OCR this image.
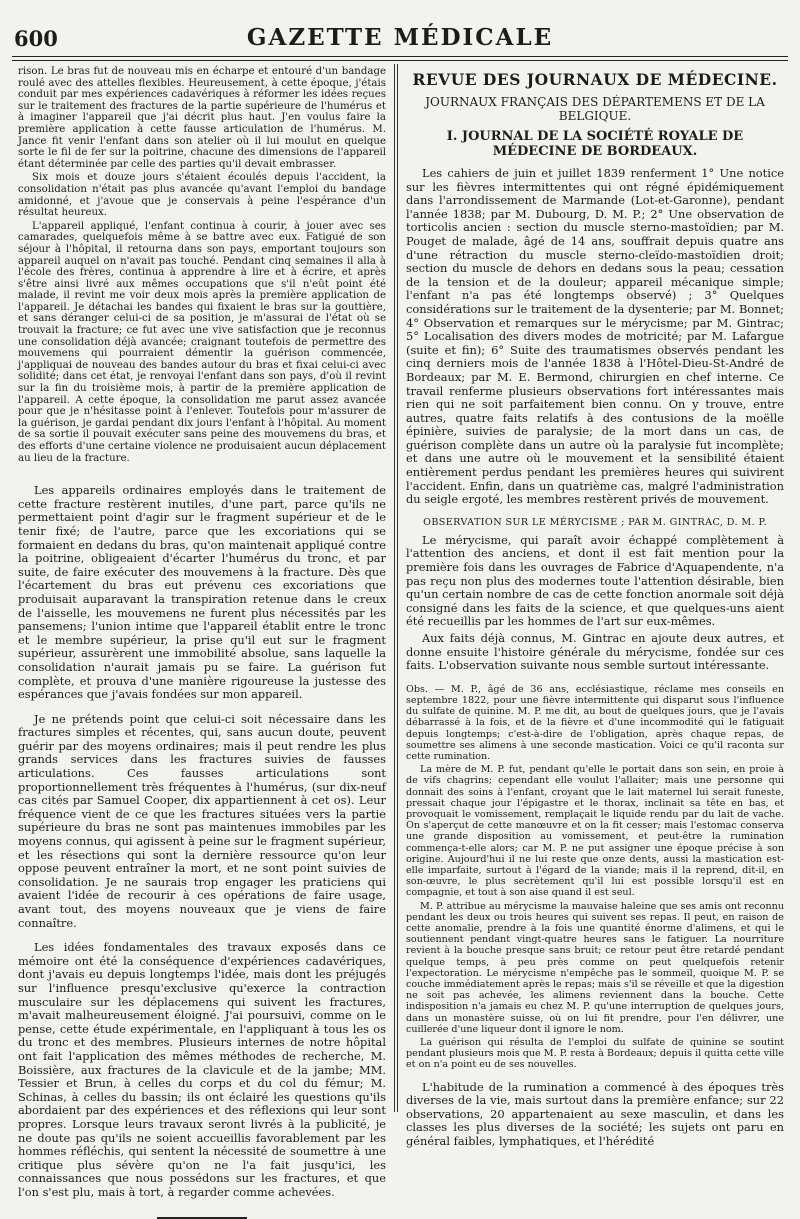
600	GAZETTE MÉDICALE

rison. Le bras fut de nouveau mis en écharpe et entouré d'un bandage roulé avec des attelles flexibles. Heureusement, à cette époque, j'étais conduit par mes expériences cadavériques à réformer les idées reçues sur le traitement des fractures de la partie supérieure de l'humérus et à imaginer l'appareil que j'ai décrit plus haut. J'en voulus faire la première application à cette fausse articulation de l'humérus. M. Jance fit venir l'enfant dans son atelier où il lui moulut en quelque sorte le fil de fer sur la poitrine, chacune des dimensions de l'appareil étant déterminée par celle des parties qu'il devait embrasser.

Six mois et douze jours s'étaient écoulés depuis l'accident, la consolidation n'était pas plus avancée qu'avant l'emploi du bandage amidonné, et j'avoue que je conservais à peine l'espérance d'un résultat heureux.

L'appareil appliqué, l'enfant continua à courir, à jouer avec ses camarades, quelquefois même à se battre avec eux. Fatigué de son séjour à l'hôpital, il retourna dans son pays, emportant toujours son appareil auquel on n'avait pas touché. Pendant cinq semaines il alla à l'école des frères, continua à apprendre à lire et à écrire, et après s'être ainsi livré aux mêmes occupations que s'il n'eût point été malade, il revint me voir deux mois après la première application de l'appareil. Je détachai les bandes qui fixaient le bras sur la gouttière, et sans déranger celui-ci de sa position, je m'assurai de l'état où se trouvait la fracture; ce fut avec une vive satisfaction que je reconnus une consolidation déjà avancée; craignant toutefois de permettre des mouvemens qui pourraient démentir la guérison commencée, j'appliquai de nouveau des bandes autour du bras et fixai celui-ci avec solidité; dans cet état, je renvoyai l'enfant dans son pays, d'où il revint sur la fin du troisième mois, à partir de la première application de l'appareil. A cette époque, la consolidation me parut assez avancée pour que je n'hésitasse point à l'enlever. Toutefois pour m'assurer de la guérison, je gardai pendant dix jours l'enfant à l'hôpital. Au moment de sa sortie il pouvait exécuter sans peine des mouvemens du bras, et des efforts d'une certaine violence ne produisaient aucun déplacement au lieu de la fracture.

Les appareils ordinaires employés dans le traitement de cette fracture restèrent inutiles, d'une part, parce qu'ils ne permettaient point d'agir sur le fragment supérieur et de le tenir fixé; de l'autre, parce que les excoriations qui se formaient en dedans du bras, qu'on maintenait appliqué contre la poitrine, obligeaient d'écarter l'humérus du tronc, et par suite, de faire exécuter des mouvemens à la fracture. Dès que l'écartement du bras eut prévenu ces excoriations que produisait auparavant la transpiration retenue dans le creux de l'aisselle, les mouvemens ne furent plus nécessités par les pansemens; l'union intime que l'appareil établit entre le tronc et le membre supérieur, la prise qu'il eut sur le fragment supérieur, assurèrent une immobilité absolue, sans laquelle la consolidation n'aurait jamais pu se faire. La guérison fut complète, et prouva d'une manière rigoureuse la justesse des espérances que j'avais fondées sur mon appareil.

Je ne prétends point que celui-ci soit nécessaire dans les fractures simples et récentes, qui, sans aucun doute, peuvent guérir par des moyens ordinaires; mais il peut rendre les plus grands services dans les fractures suivies de fausses articulations. Ces fausses articulations sont proportionnellement très fréquentes à l'humérus, (sur dix-neuf cas cités par Samuel Cooper, dix appartiennent à cet os). Leur fréquence vient de ce que les fractures situées vers la partie supérieure du bras ne sont pas maintenues immobiles par les moyens connus, qui agissent à peine sur le fragment supérieur, et les résections qui sont la dernière ressource qu'on leur oppose peuvent entraîner la mort, et ne sont point suivies de consolidation. Je ne saurais trop engager les praticiens qui avaient l'idée de recourir à ces opérations de faire usage, avant tout, des moyens nouveaux que je viens de faire connaître.

Les idées fondamentales des travaux exposés dans ce mémoire ont été la conséquence d'expériences cadavériques, dont j'avais eu depuis longtemps l'idée, mais dont les préjugés sur l'influence presqu'exclusive qu'exerce la contraction musculaire sur les déplacemens qui suivent les fractures, m'avait malheureusement éloigné. J'ai poursuivi, comme on le pense, cette étude expérimentale, en l'appliquant à tous les os du tronc et des membres. Plusieurs internes de notre hôpital ont fait l'application des mêmes méthodes de recherche, M. Boissière, aux fractures de la clavicule et de la jambe; MM. Tessier et Brun, à celles du corps et du col du fémur; M. Schinas, à celles du bassin; ils ont éclairé les questions qu'ils abordaient par des expériences et des réflexions qui leur sont propres. Lorsque leurs travaux seront livrés à la publicité, je ne doute pas qu'ils ne soient accueillis favorablement par les hommes réfléchis, qui sentent la nécessité de soumettre à une critique plus sévère qu'on ne l'a fait jusqu'ici, les connaissances que nous possédons sur les fractures, et que l'on s'est plu, mais à tort, à regarder comme achevées.

REVUE DES JOURNAUX DE MÉDECINE.
JOURNAUX FRANÇAIS DES DÉPARTEMENS ET DE LA BELGIQUE.
I. JOURNAL DE LA SOCIÉTÉ ROYALE DE MÉDECINE DE BORDEAUX.

Les cahiers de juin et juillet 1839 renferment 1° Une notice sur les fièvres intermittentes qui ont régné épidémiquement dans l'arrondissement de Marmande (Lot-et-Garonne), pendant l'année 1838; par M. Dubourg, D. M. P.; 2° Une observation de torticolis ancien : section du muscle sterno-mastoïdien; par M. Pouget de malade, âgé de 14 ans, souffrait depuis quatre ans d'une rétraction du muscle sterno-cleïdo-mastoïdien droit; section du muscle de dehors en dedans sous la peau; cessation de la tension et de la douleur; appareil mécanique simple; l'enfant n'a pas été longtemps observé) ; 3° Quelques considérations sur le traitement de la dysenterie; par M. Bonnet; 4° Observation et remarques sur le mérycisme; par M. Gintrac; 5° Localisation des divers modes de motricité; par M. Lafargue (suite et fin); 6° Suite des traumatismes observés pendant les cinq derniers mois de l'année 1838 à l'Hôtel-Dieu-St-André de Bordeaux; par M. E. Bermond, chirurgien en chef interne. Ce travail renferme plusieurs observations fort intéressantes mais rien qui ne soit parfaitement bien connu. On y trouve, entre autres, quatre faits relatifs à des contusions de la moëlle épinière, suivies de paralysie; de la mort dans un cas, de guérison complète dans un autre où la paralysie fut incomplète; et dans une autre où le mouvement et la sensibilité étaient entièrement perdus pendant les premières heures qui suivirent l'accident. Enfin, dans un quatrième cas, malgré l'administration du seigle ergoté, les membres restèrent privés de mouvement.

OBSERVATION SUR LE MÉRYCISME ; PAR M. GINTRAC, D. M. P.

Le mérycisme, qui paraît avoir échappé complètement à l'attention des anciens, et dont il est fait mention pour la première fois dans les ouvrages de Fabrice d'Aquapendente, n'a pas reçu non plus des modernes toute l'attention désirable, bien qu'un certain nombre de cas de cette fonction anormale soit déjà consigné dans les faits de la science, et que quelques-uns aient été recueillis par les hommes de l'art sur eux-mêmes.

Aux faits déjà connus, M. Gintrac en ajoute deux autres, et donne ensuite l'histoire générale du mérycisme, fondée sur ces faits. L'observation suivante nous semble surtout intéressante.

Obs. — M. P., âgé de 36 ans, ecclésiastique, réclame mes conseils en septembre 1822, pour une fièvre intermittente qui disparut sous l'influence du sulfate de quinine. M. P. me dit, au bout de quelques jours, que je l'avais débarrassé à la fois, et de la fièvre et d'une incommodité qui le fatiguait depuis longtemps; c'est-à-dire de l'obligation, après chaque repas, de soumettre ses alimens à une seconde mastication. Voici ce qu'il raconta sur cette rumination.

La mère de M. P. fut, pendant qu'elle le portait dans son sein, en proie à de vifs chagrins; cependant elle voulut l'allaiter; mais une personne qui donnait des soins à l'enfant, croyant que le lait maternel lui serait funeste, pressait chaque jour l'épigastre et le thorax, inclinait sa tête en bas, et provoquait le vomissement, remplaçait le liquide rendu par du lait de vache. On s'aperçut de cette manœuvre et on la fit cesser; mais l'estomac conserva une grande disposition au vomissement, et peut-être la rumination commença-t-elle alors; car M. P. ne put assigner une époque précise à son origine. Aujourd'hui il ne lui reste que onze dents, aussi la mastication est-elle imparfaite, surtout à l'égard de la viande; mais il la reprend, dit-il, en son-œuvre, le plus secrètement qu'il lui est possible lorsqu'il est en compagnie, et tout à son aise quand il est seul.

M. P. attribue au mérycisme la mauvaise haleine que ses amis ont reconnu pendant les deux ou trois heures qui suivent ses repas. Il peut, en raison de cette anomalie, prendre à la fois une quantité énorme d'alimens, et qui le soutiennent pendant vingt-quatre heures sans le fatiguer. La nourriture revient à la bouche presque sans bruit; ce retour peut être retardé pendant quelque temps, à peu près comme on peut quelquefois retenir l'expectoration. Le mérycisme n'empêche pas le sommeil, quoique M. P. se couche immédiatement après le repas; mais s'il se réveille et que la digestion ne soit pas achevée, les alimens reviennent dans la bouche. Cette indisposition n'a jamais eu chez M. P. qu'une interruption de quelques jours, dans un monastère suisse, où on lui fit prendre, pour l'en délivrer, une cuillerée d'une liqueur dont il ignore le nom.

La guérison qui résulta de l'emploi du sulfate de quinine se soutint pendant plusieurs mois que M. P. resta à Bordeaux; depuis il quitta cette ville et on n'a point eu de ses nouvelles.

L'habitude de la rumination a commencé à des époques très diverses de la vie, mais surtout dans la première enfance; sur 22 observations, 20 appartenaient au sexe masculin, et dans les classes les plus diverses de la société; les sujets ont paru en général faibles, lymphatiques, et l'hérédité
